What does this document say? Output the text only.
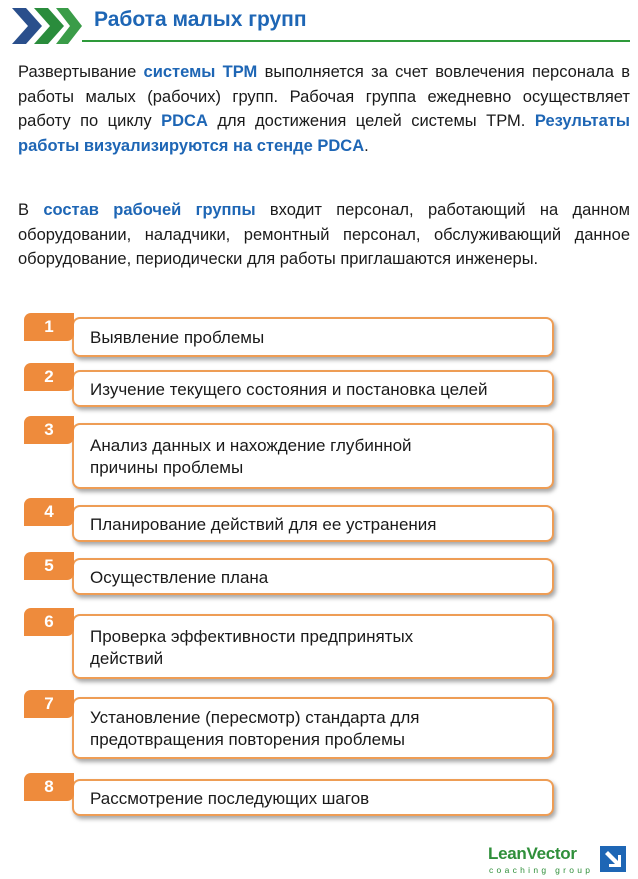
Работа малых групп

Развертывание системы ТРМ выполняется за счет вовлечения персонала в работы малых (рабочих) групп. Рабочая группа ежедневно осуществляет работу по циклу PDCA для достижения целей системы ТРМ. Результаты работы визуализируются на стенде PDCA.

В состав рабочей группы входит персонал, работающий на данном оборудовании, наладчики, ремонтный персонал, обслуживающий данное оборудование, периодически для работы приглашаются инженеры.

Выявление проблемы
1
Изучение текущего состояния и постановка целей
2
Анализ данных и нахождение глубинной причины проблемы
3
Планирование действий для ее устранения
4
Осуществление плана
5
Проверка эффективности предпринятых действий
6
Установление (пересмотр) стандарта для предотвращения повторения проблемы
7
Рассмотрение последующих шагов
8
LeanVector
coaching group
